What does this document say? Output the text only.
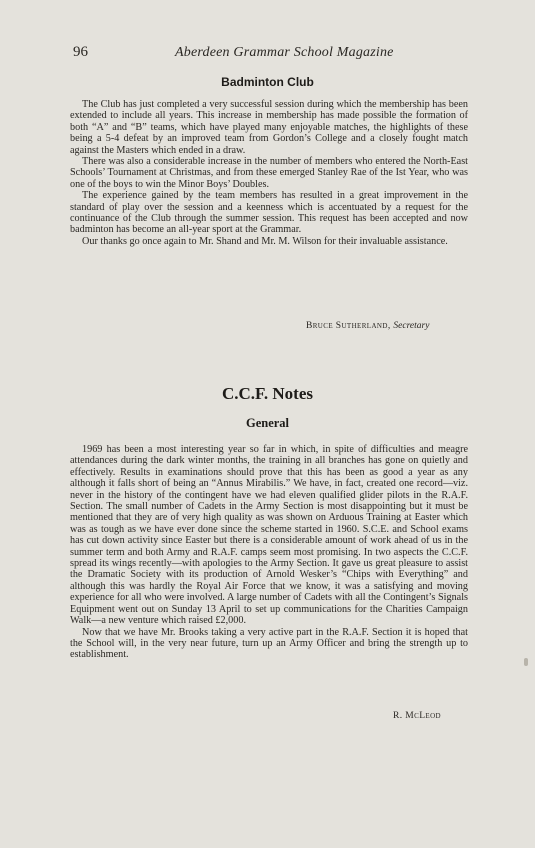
96	Aberdeen Grammar School Magazine
Badminton Club

The Club has just completed a very successful session during which the membership has been extended to include all years. This increase in membership has made possible the formation of both “A” and “B” teams, which have played many enjoyable matches, the highlights of these being a 5-4 defeat by an improved team from Gordon’s College and a closely fought match against the Masters which ended in a draw.

There was also a considerable increase in the number of members who entered the North-East Schools’ Tournament at Christmas, and from these emerged Stanley Rae of the Ist Year, who was one of the boys to win the Minor Boys’ Doubles.

The experience gained by the team members has resulted in a great improvement in the standard of play over the session and a keenness which is accentuated by a request for the continuance of the Club through the summer session. This request has been accepted and now badminton has become an all-year sport at the Grammar.

Our thanks go once again to Mr. Shand and Mr. M. Wilson for their invaluable assistance.

Bruce Sutherland, Secretary
C.C.F. Notes
General

1969 has been a most interesting year so far in which, in spite of difficulties and meagre attendances during the dark winter months, the training in all branches has gone on quietly and effectively. Results in examinations should prove that this has been as good a year as any although it falls short of being an “Annus Mirabilis.” We have, in fact, created one record—viz. never in the history of the contingent have we had eleven qualified glider pilots in the R.A.F. Section. The small number of Cadets in the Army Section is most disappointing but it must be mentioned that they are of very high quality as was shown on Arduous Training at Easter which was as tough as we have ever done since the scheme started in 1960. S.C.E. and School exams has cut down activity since Easter but there is a considerable amount of work ahead of us in the summer term and both Army and R.A.F. camps seem most promising. In two aspects the C.C.F. spread its wings recently—with apologies to the Army Section. It gave us great pleasure to assist the Dramatic Society with its production of Arnold Wesker’s “Chips with Everything” and although this was hardly the Royal Air Force that we know, it was a satisfying and moving experience for all who were involved. A large number of Cadets with all the Contingent’s Signals Equipment went out on Sunday 13 April to set up communications for the Charities Campaign Walk—a new venture which raised £2,000.

Now that we have Mr. Brooks taking a very active part in the R.A.F. Section it is hoped that the School will, in the very near future, turn up an Army Officer and bring the strength up to establishment.

R. McLeod
